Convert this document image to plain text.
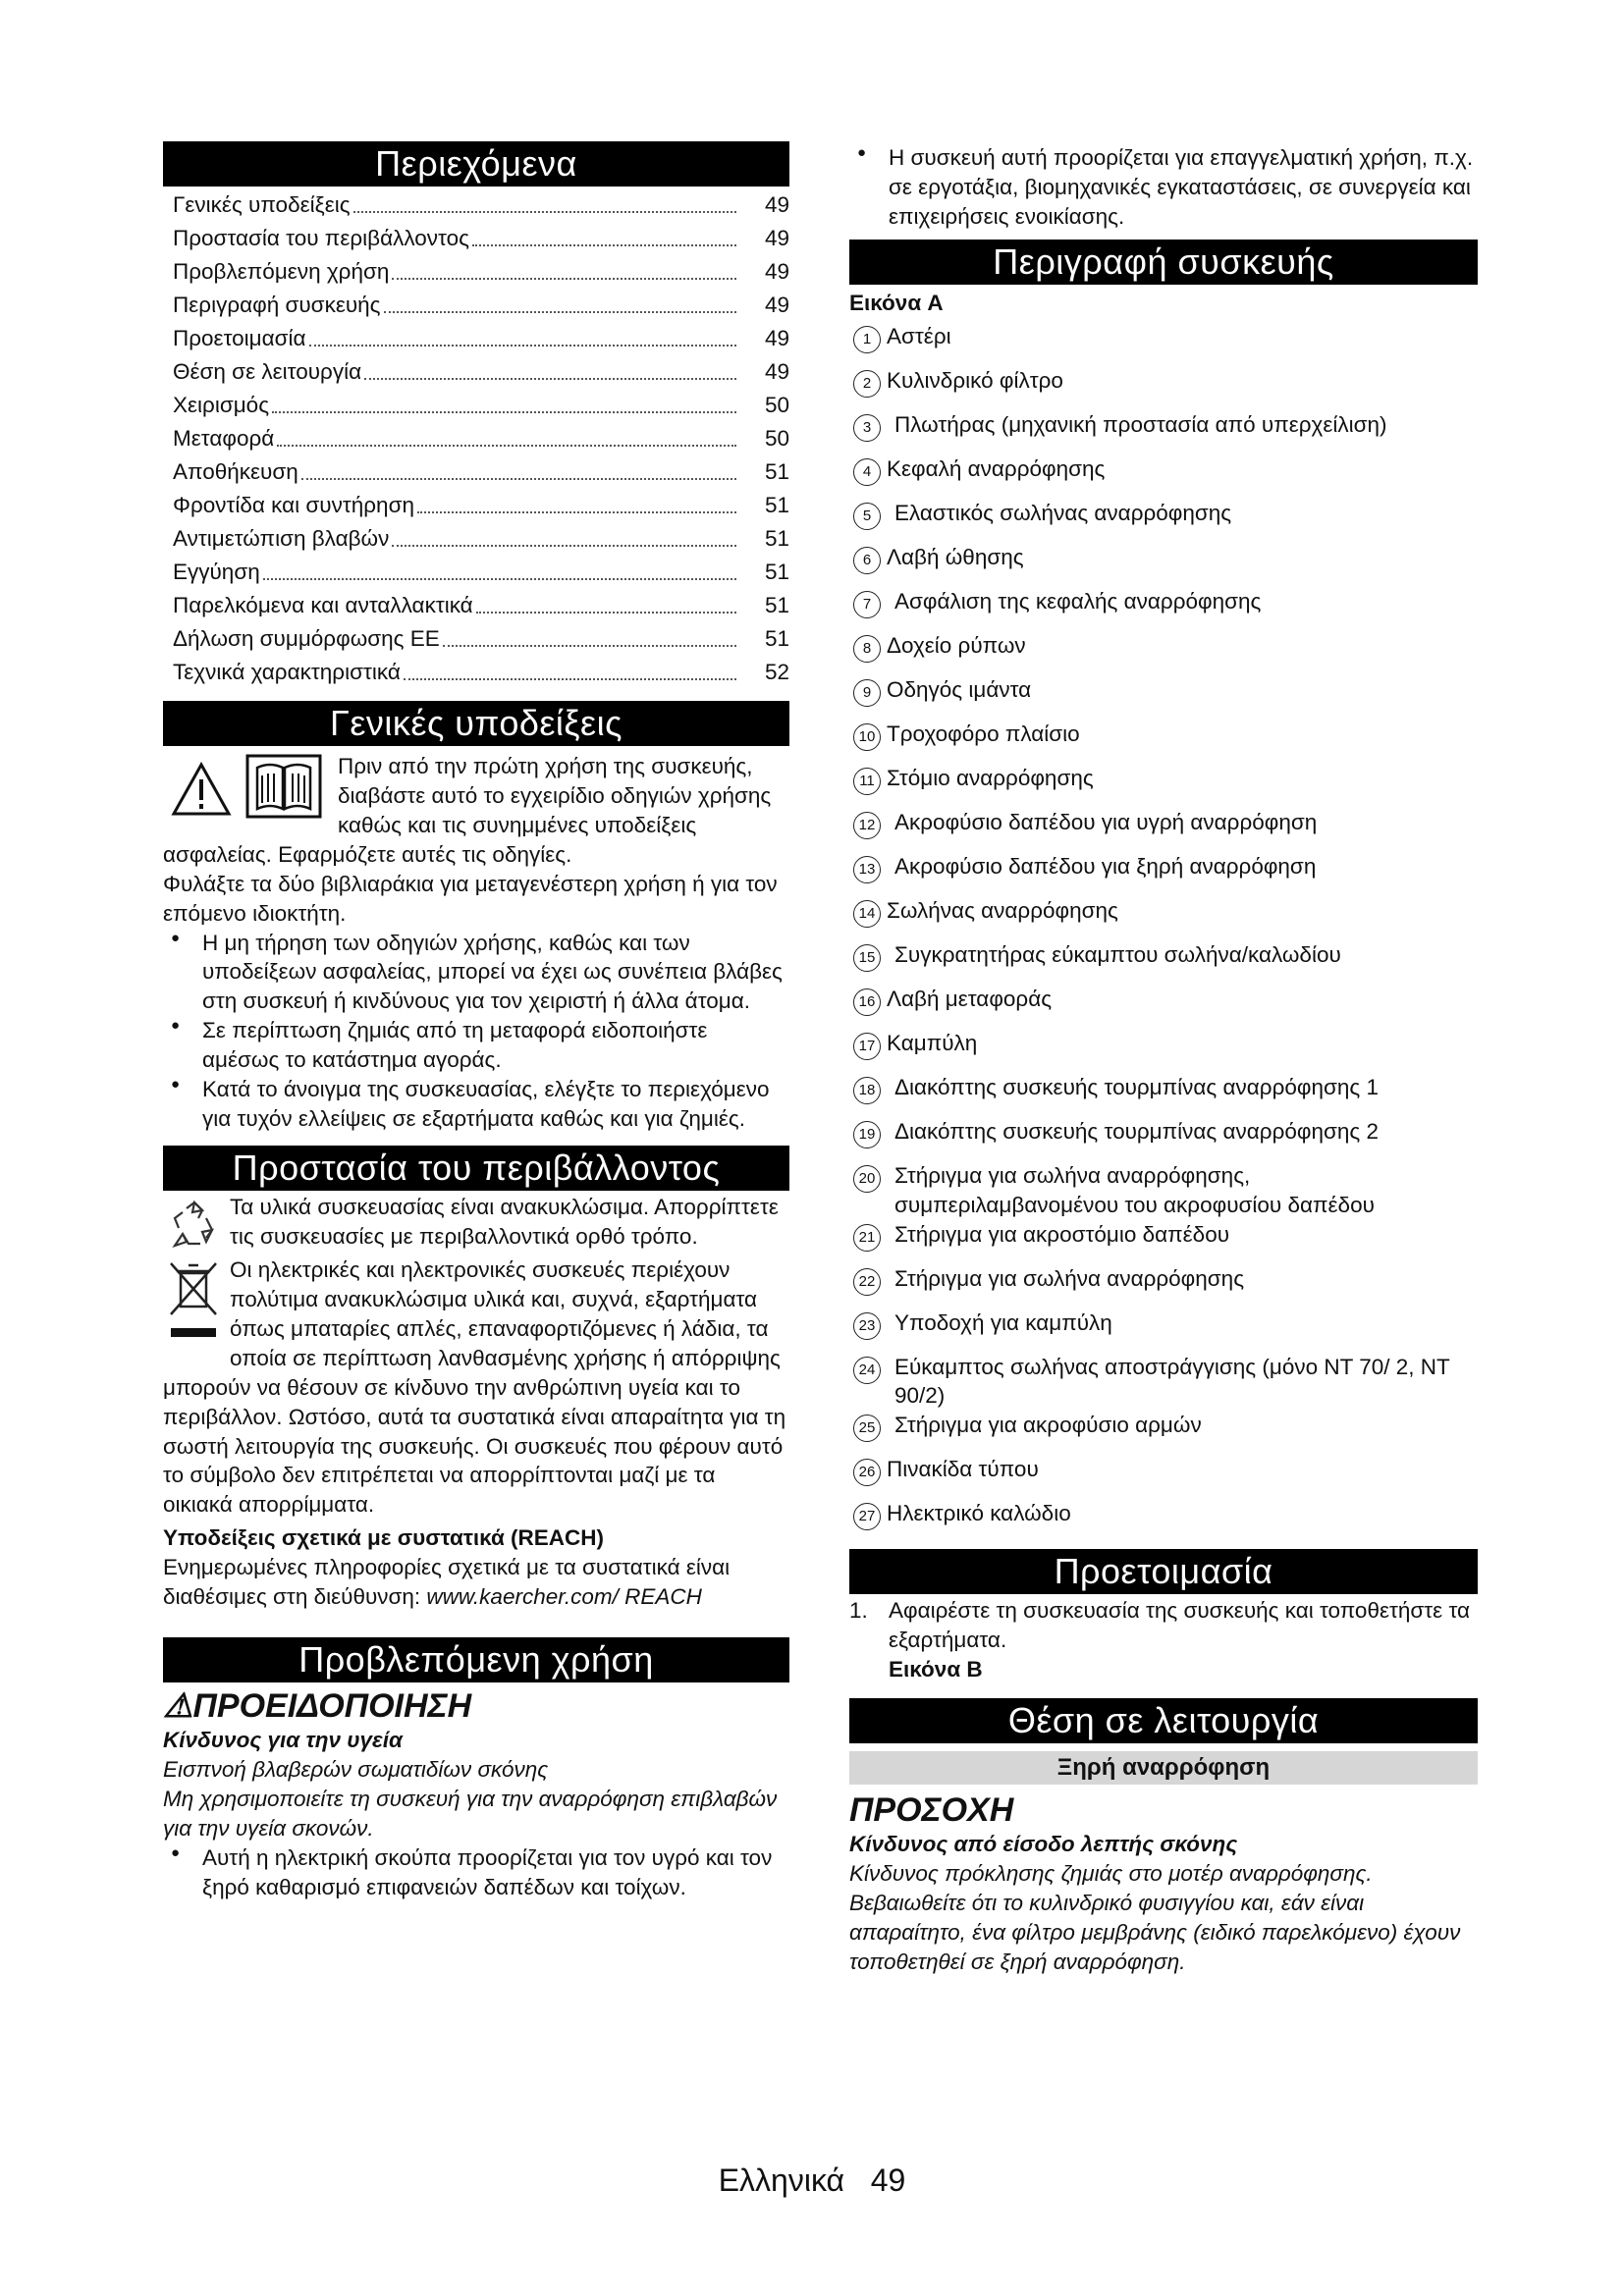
Περιεχόμενα
Γενικές υποδείξεις	49
Προστασία του περιβάλλοντος	49
Προβλεπόμενη χρήση	49
Περιγραφή συσκευής	49
Προετοιμασία	49
Θέση σε λειτουργία	49
Χειρισμός	50
Μεταφορά	50
Αποθήκευση	51
Φροντίδα και συντήρηση	51
Αντιμετώπιση βλαβών	51
Εγγύηση	51
Παρελκόμενα και ανταλλακτικά	51
Δήλωση συμμόρφωσης ΕΕ	51
Τεχνικά χαρακτηριστικά	52
Γενικές υποδείξεις

Πριν από την πρώτη χρήση της συσκευής, διαβάστε αυτό το εγχειρίδιο οδηγιών χρήσης καθώς και τις συνημμένες υποδείξεις ασφαλείας. Εφαρμόζετε αυτές τις οδηγίες.

Φυλάξτε τα δύο βιβλιαράκια για μεταγενέστερη χρήση ή για τον επόμενο ιδιοκτήτη.

● Η μη τήρηση των οδηγιών χρήσης, καθώς και των υποδείξεων ασφαλείας, μπορεί να έχει ως συνέπεια βλάβες στη συσκευή ή κινδύνους για τον χειριστή ή άλλα άτομα.
● Σε περίπτωση ζημιάς από τη μεταφορά ειδοποιήστε αμέσως το κατάστημα αγοράς.
● Κατά το άνοιγμα της συσκευασίας, ελέγξτε το περιεχόμενο για τυχόν ελλείψεις σε εξαρτήματα καθώς και για ζημιές.
Προστασία του περιβάλλοντος

Τα υλικά συσκευασίας είναι ανακυκλώσιμα. Απορρίπτετε τις συσκευασίες με περιβαλλοντικά ορθό τρόπο.

Οι ηλεκτρικές και ηλεκτρονικές συσκευές περιέχουν πολύτιμα ανακυκλώσιμα υλικά και, συχνά, εξαρτήματα όπως μπαταρίες απλές, επαναφορτιζόμενες ή λάδια, τα οποία σε περίπτωση λανθασμένης χρήσης ή απόρριψης μπορούν να θέσουν σε κίνδυνο την ανθρώπινη υγεία και το περιβάλλον. Ωστόσο, αυτά τα συστατικά είναι απαραίτητα για τη σωστή λειτουργία της συσκευής. Οι συσκευές που φέρουν αυτό το σύμβολο δεν επιτρέπεται να απορρίπτονται μαζί με τα οικιακά απορρίμματα.

Υποδείξεις σχετικά με συστατικά (REACH)

Ενημερωμένες πληροφορίες σχετικά με τα συστατικά είναι διαθέσιμες στη διεύθυνση: www.kaercher.com/ REACH

Προβλεπόμενη χρήση
⚠ΠΡΟΕΙΔΟΠΟΙΗΣΗ

Κίνδυνος για την υγεία

Εισπνοή βλαβερών σωματιδίων σκόνης

Μη χρησιμοποιείτε τη συσκευή για την αναρρόφηση επιβλαβών για την υγεία σκονών.

● Αυτή η ηλεκτρική σκούπα προορίζεται για τον υγρό και τον ξηρό καθαρισμό επιφανειών δαπέδων και τοίχων.
● Η συσκευή αυτή προορίζεται για επαγγελματική χρήση, π.χ. σε εργοτάξια, βιομηχανικές εγκαταστάσεις, σε συνεργεία και επιχειρήσεις ενοικίασης.
Περιγραφή συσκευής

Εικόνα A

1 Αστέρι
2 Κυλινδρικό φίλτρο
3	Πλωτήρας (μηχανική προστασία από υπερχείλιση)
4 Κεφαλή αναρρόφησης
5	Ελαστικός σωλήνας αναρρόφησης
6 Λαβή ώθησης
7	Ασφάλιση της κεφαλής αναρρόφησης
8 Δοχείο ρύπων
9 Οδηγός ιμάντα
10 Τροχοφόρο πλαίσιο
11 Στόμιο αναρρόφησης
12 Ακροφύσιο δαπέδου για υγρή αναρρόφηση
13 Ακροφύσιο δαπέδου για ξηρή αναρρόφηση
14 Σωλήνας αναρρόφησης
15 Συγκρατητήρας εύκαμπτου σωλήνα/καλωδίου
16 Λαβή μεταφοράς
17 Καμπύλη
18 Διακόπτης συσκευής τουρμπίνας αναρρόφησης 1
19 Διακόπτης συσκευής τουρμπίνας αναρρόφησης 2
20 Στήριγμα για σωλήνα αναρρόφησης, συμπεριλαμβανομένου του ακροφυσίου δαπέδου
21 Στήριγμα για ακροστόμιο δαπέδου
22 Στήριγμα για σωλήνα αναρρόφησης
23 Υποδοχή για καμπύλη
24 Εύκαμπτος σωλήνας αποστράγγισης (μόνο NT 70/ 2, NT 90/2)
25 Στήριγμα για ακροφύσιο αρμών
26 Πινακίδα τύπου
27 Ηλεκτρικό καλώδιο
Προετοιμασία
1. Αφαιρέστε τη συσκευασία της συσκευής και τοποθετήστε τα εξαρτήματα.

Εικόνα B

Θέση σε λειτουργία
Ξηρή αναρρόφηση
ΠΡΟΣΟΧΗ

Κίνδυνος από είσοδο λεπτής σκόνης

Κίνδυνος πρόκλησης ζημιάς στο μοτέρ αναρρόφησης. Βεβαιωθείτε ότι το κυλινδρικό φυσιγγίου και, εάν είναι απαραίτητο, ένα φίλτρο μεμβράνης (ειδικό παρελκόμενο) έχουν τοποθετηθεί σε ξηρή αναρρόφηση.

Ελληνικά 49
